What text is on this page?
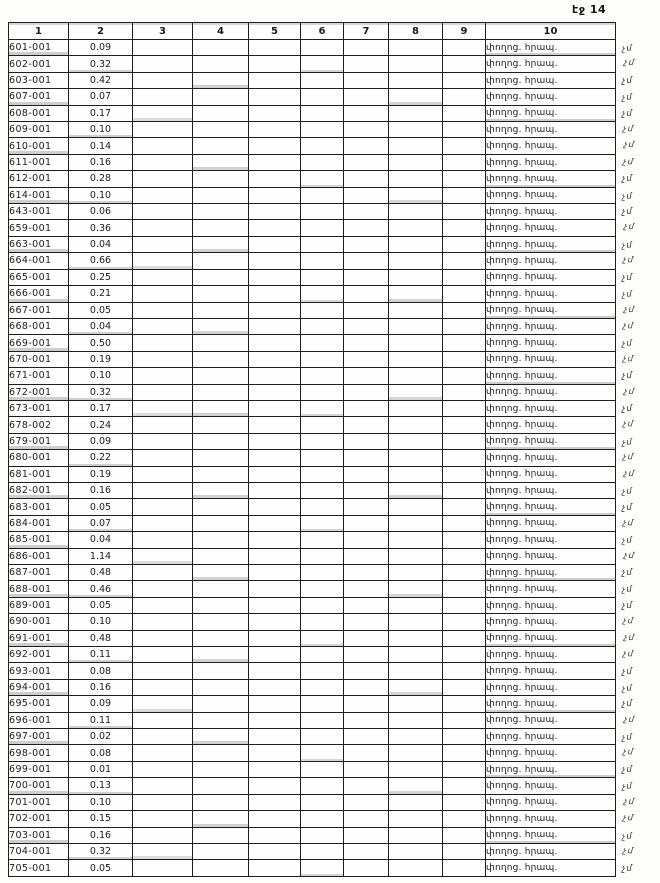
էջ 14
1	2	3	4	5	6	7	8	9	10
601-001	0.09								փողոց. հրապ.
602-001	0.32								փողոց. հրապ.
603-001	0.42								փողոց. հրապ.
607-001	0.07								փողոց. հրապ.
608-001	0.17								փողոց. հրապ.
609-001	0.10								փողոց. հրապ.
610-001	0.14								փողոց. հրապ.
611-001	0.16								փողոց. հրապ.
612-001	0.28								փողոց. հրապ.
614-001	0.10								փողոց. հրապ.
643-001	0.06								փողոց. հրապ.
659-001	0.36								փողոց. հրապ.
663-001	0.04								փողոց. հրապ.
664-001	0.66								փողոց. հրապ.
665-001	0.25								փողոց. հրապ.
666-001	0.21								փողոց. հրապ.
667-001	0.05								փողոց. հրապ.
668-001	0.04								փողոց. հրապ.
669-001	0.50								փողոց. հրապ.
670-001	0.19								փողոց. հրապ.
671-001	0.10								փողոց. հրապ.
672-001	0.32								փողոց. հրապ.
673-001	0.17								փողոց. հրապ.
678-002	0.24								փողոց. հրապ.
679-001	0.09								փողոց. հրապ.
680-001	0.22								փողոց. հրապ.
681-001	0.19								փողոց. հրապ.
682-001	0.16								փողոց. հրապ.
683-001	0.05								փողոց. հրապ.
684-001	0.07								փողոց. հրապ.
685-001	0.04								փողոց. հրապ.
686-001	1.14								փողոց. հրապ.
687-001	0.48								փողոց. հրապ.
688-001	0.46								փողոց. հրապ.
689-001	0.05								փողոց. հրապ.
690-001	0.10								փողոց. հրապ.
691-001	0.48								փողոց. հրապ.
692-001	0.11								փողոց. հրապ.
693-001	0.08								փողոց. հրապ.
694-001	0.16								փողոց. հրապ.
695-001	0.09								փողոց. հրապ.
696-001	0.11								փողոց. հրապ.
697-001	0.02								փողոց. հրապ.
698-001	0.08								փողոց. հրապ.
699-001	0.01								փողոց. հրապ.
700-001	0.13								փողոց. հրապ.
701-001	0.10								փողոց. հրապ.
702-001	0.15								փողոց. հրապ.
703-001	0.16								փողոց. հրապ.
704-001	0.32								փողոց. հրապ.
705-001	0.05								փողոց. հրապ.
չմ
չմ
չմ
չմ
չմ
չմ
չմ
չմ
չմ
չմ
չմ
չմ
չմ
չմ
չմ
չմ
չմ
չմ
չմ
չմ
չմ
չմ
չմ
չմ
չմ
չմ
չմ
չմ
չմ
չմ
չմ
չմ
չմ
չմ
չմ
չմ
չմ
չմ
չմ
չմ
չմ
չմ
չմ
չմ
չմ
չմ
չմ
չմ
չմ
չմ
չմ
